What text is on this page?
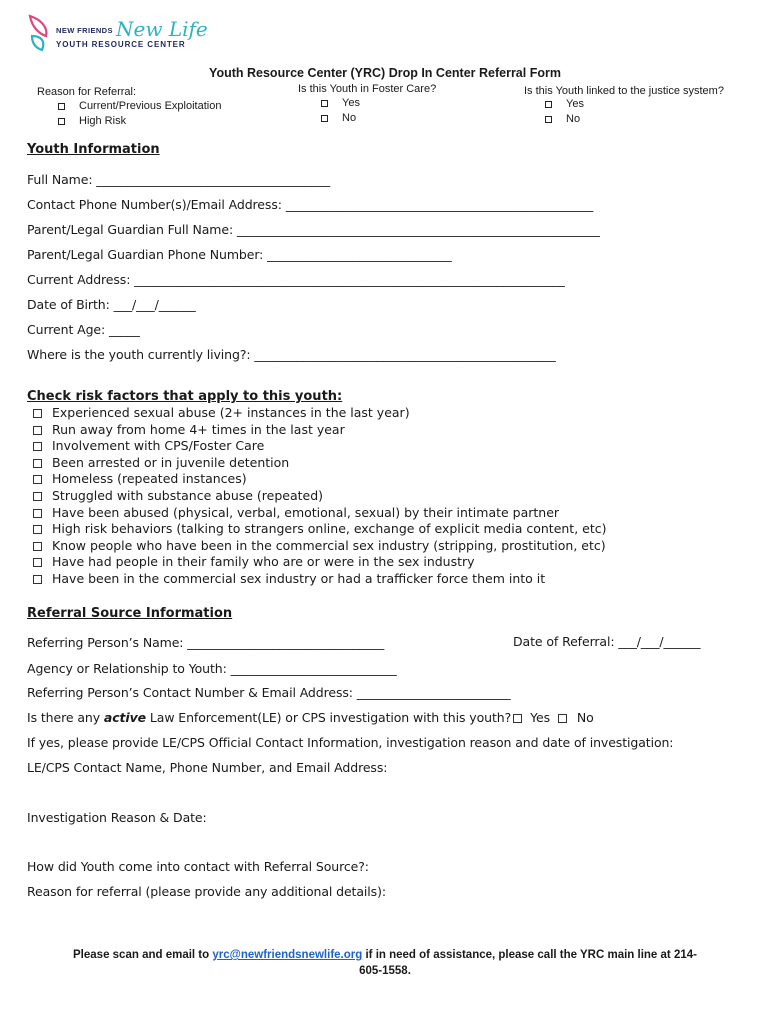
NEW FRIENDS New Life
YOUTH RESOURCE CENTER
Youth Resource Center (YRC) Drop In Center Referral Form
Reason for Referral:
Current/Previous Exploitation
High Risk
Is this Youth in Foster Care?
Yes
No
Is this Youth linked to the justice system?
Yes
No
Youth Information
Full Name: ______________________________________
Contact Phone Number(s)/Email Address: __________________________________________________
Parent/Legal Guardian Full Name: ___________________________________________________________
Parent/Legal Guardian Phone Number: ______________________________
Current Address: ______________________________________________________________________
Date of Birth: ___/___/______
Current Age: _____
Where is the youth currently living?: _________________________________________________
Check risk factors that apply to this youth:
Experienced sexual abuse (2+ instances in the last year)
Run away from home 4+ times in the last year
Involvement with CPS/Foster Care
Been arrested or in juvenile detention
Homeless (repeated instances)
Struggled with substance abuse (repeated)
Have been abused (physical, verbal, emotional, sexual) by their intimate partner
High risk behaviors (talking to strangers online, exchange of explicit media content, etc)
Know people who have been in the commercial sex industry (stripping, prostitution, etc)
Have had people in their family who are or were in the sex industry
Have been in the commercial sex industry or had a trafficker force them into it
Referral Source Information
Referring Person’s Name: ________________________________	Date of Referral: ___/___/______
Agency or Relationship to Youth: ___________________________
Referring Person’s Contact Number & Email Address: _________________________
Is there any active Law Enforcement(LE) or CPS investigation with this youth? Yes No
If yes, please provide LE/CPS Official Contact Information, investigation reason and date of investigation:
LE/CPS Contact Name, Phone Number, and Email Address:
Investigation Reason & Date:
How did Youth come into contact with Referral Source?:
Reason for referral (please provide any additional details):
Please scan and email to yrc@newfriendsnewlife.org if in need of assistance, please call the YRC main line at 214-
605-1558.
